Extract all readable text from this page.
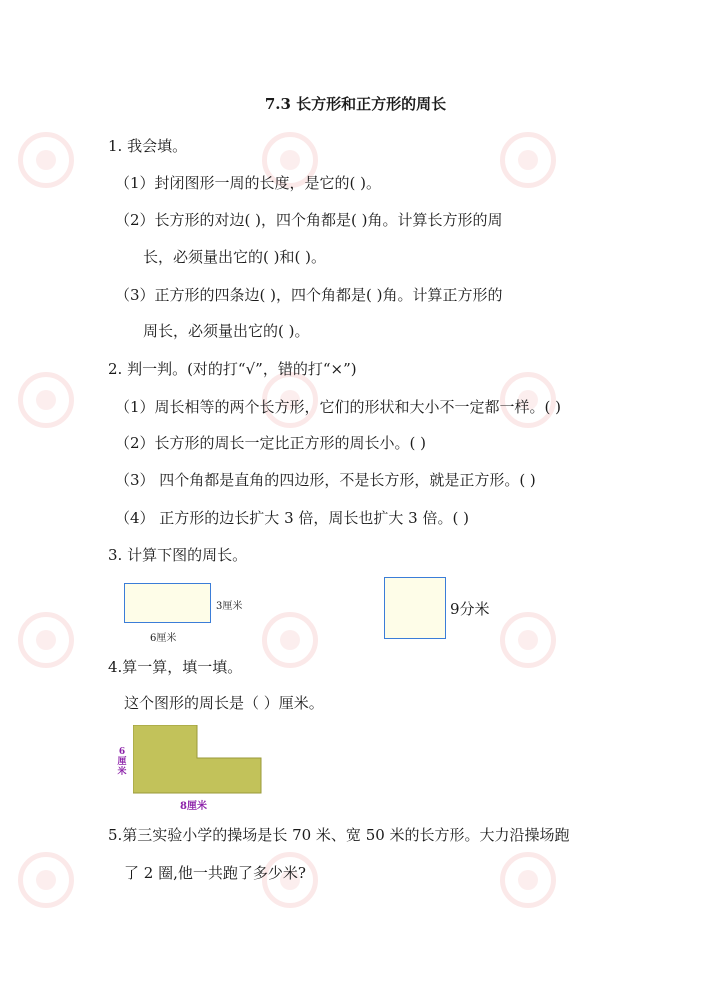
7.3 长方形和正方形的周长
1. 我会填。
（1）封闭图形一周的长度，是它的( )。
（2）长方形的对边( )，四个角都是( )角。计算长方形的周
长，必须量出它的( )和( )。
（3）正方形的四条边( )，四个角都是( )角。计算正方形的
周长，必须量出它的( )。
2. 判一判。(对的打“√”，错的打“×”)
（1）周长相等的两个长方形，它们的形状和大小不一定都一样。( )
（2）长方形的周长一定比正方形的周长小。( )
（3） 四个角都是直角的四边形，不是长方形，就是正方形。( )
（4） 正方形的边长扩大 3 倍，周长也扩大 3 倍。( )
3. 计算下图的周长。
3厘米
6厘米
9分米
4.算一算，填一填。
这个图形的周长是（ ）厘米。
6厘米
8厘米
5.第三实验小学的操场是长 70 米、宽 50 米的长方形。大力沿操场跑
了 2 圈,他一共跑了多少米?
